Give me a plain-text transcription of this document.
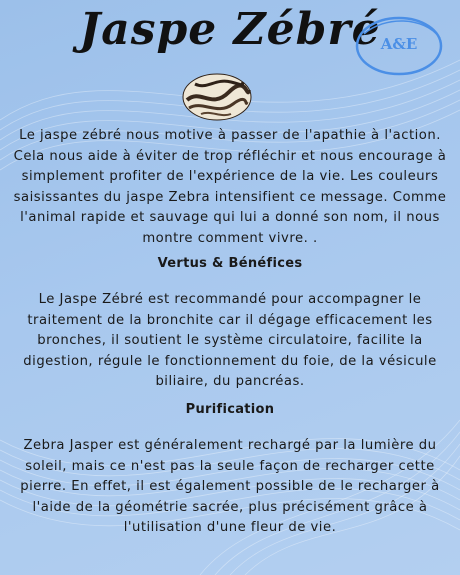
Jaspe Zébré A&E
Le jaspe zébré nous motive à passer de l'apathie à l'action. Cela nous aide à éviter de trop réfléchir et nous encourage à simplement profiter de l'expérience de la vie. Les couleurs saisissantes du jaspe Zebra intensifient ce message. Comme l'animal rapide et sauvage qui lui a donné son nom, il nous montre comment vivre. .
Vertus & Bénéfices
Le Jaspe Zébré est recommandé pour accompagner le traitement de la bronchite car il dégage efficacement les bronches, il soutient le système circulatoire, facilite la digestion, régule le fonctionnement du foie, de la vésicule biliaire, du pancréas.
Purification
Zebra Jasper est généralement rechargé par la lumière du soleil, mais ce n'est pas la seule façon de recharger cette pierre. En effet, il est également possible de le recharger à l'aide de la géométrie sacrée, plus précisément grâce à l'utilisation d'une fleur de vie.
